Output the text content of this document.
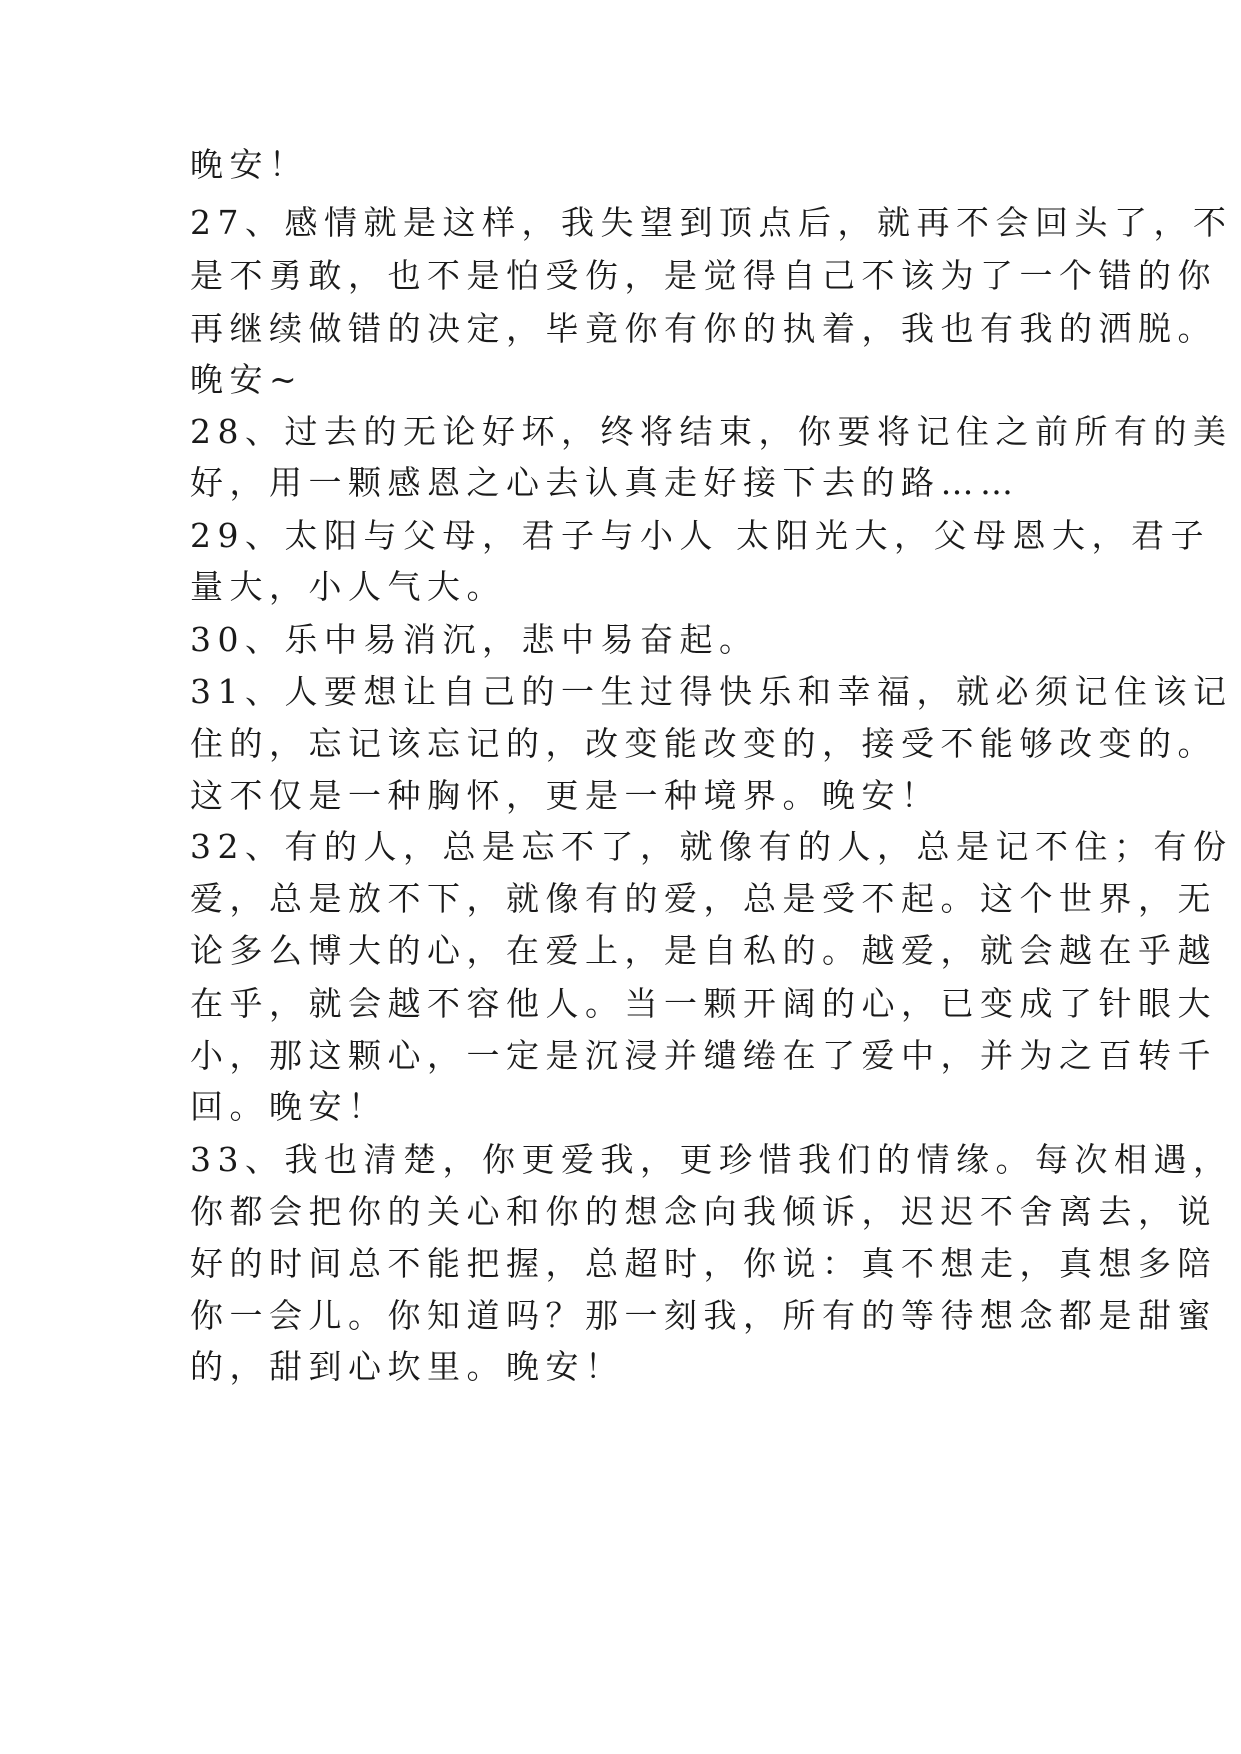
晚安！
27、感情就是这样，我失望到顶点后，就再不会回头了，不
是不勇敢，也不是怕受伤，是觉得自己不该为了一个错的你
再继续做错的决定，毕竟你有你的执着，我也有我的洒脱。
晚安~
28、过去的无论好坏，终将结束，你要将记住之前所有的美
好，用一颗感恩之心去认真走好接下去的路……
29、太阳与父母，君子与小人 太阳光大，父母恩大，君子
量大，小人气大。
30、乐中易消沉，悲中易奋起。
31、人要想让自己的一生过得快乐和幸福，就必须记住该记
住的，忘记该忘记的，改变能改变的，接受不能够改变的。
这不仅是一种胸怀，更是一种境界。晚安！
32、有的人，总是忘不了，就像有的人，总是记不住；有份
爱，总是放不下，就像有的爱，总是受不起。这个世界，无
论多么博大的心，在爱上，是自私的。越爱，就会越在乎越
在乎，就会越不容他人。当一颗开阔的心，已变成了针眼大
小，那这颗心，一定是沉浸并缱绻在了爱中，并为之百转千
回。晚安！
33、我也清楚，你更爱我，更珍惜我们的情缘。每次相遇，
你都会把你的关心和你的想念向我倾诉，迟迟不舍离去，说
好的时间总不能把握，总超时，你说：真不想走，真想多陪
你一会儿。你知道吗？那一刻我，所有的等待想念都是甜蜜
的，甜到心坎里。晚安！
